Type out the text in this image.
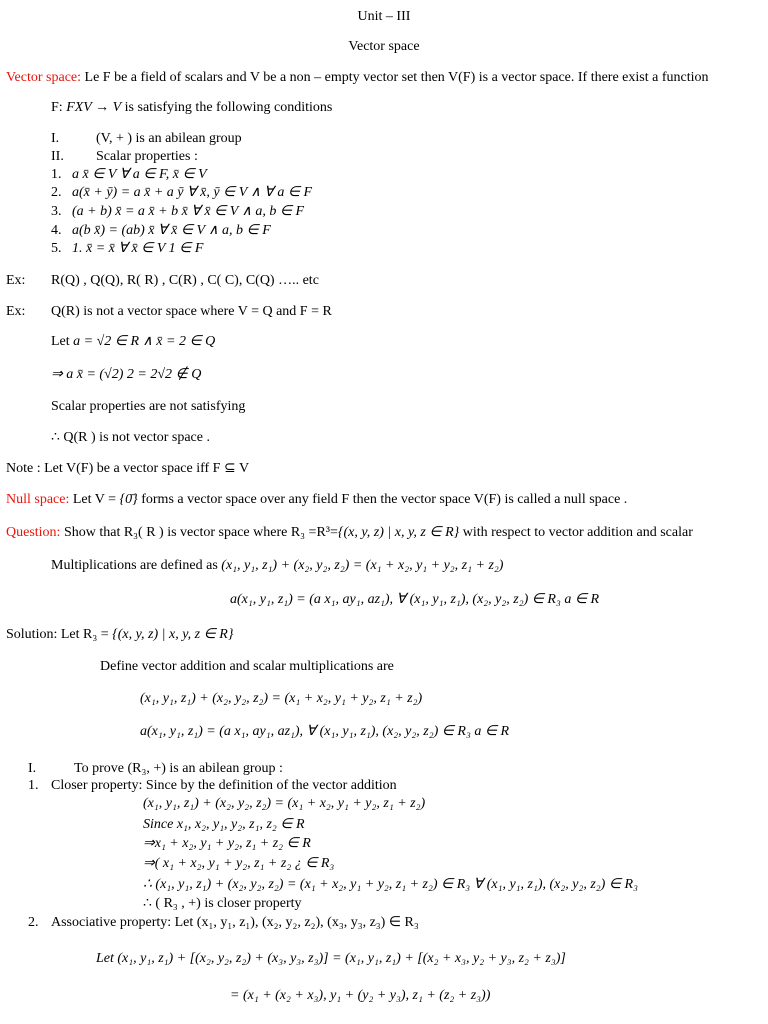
Unit – III
Vector space
Vector space: Le F be a field of scalars and V be a non – empty vector set then V(F) is a vector space. If there exist a function
F: FXV → V is satisfying the following conditions
I.	(V, + ) is an abilean group
II. Scalar properties :
1. a x̄ ∈ V ∀ a ∈ F, x̄ ∈ V
2. a(x̄ + ȳ) = a x̄ + a ȳ ∀ x̄, ȳ ∈ V ∧ ∀ a ∈ F
3. (a + b) x̄ = a x̄ + b x̄ ∀ x̄ ∈ V ∧ a, b ∈ F
4. a(b x̄) = (ab) x̄ ∀ x̄ ∈ V ∧ a, b ∈ F
5. 1. x̄ = x̄ ∀ x̄ ∈ V 1 ∈ F
Ex: R(Q) , Q(Q), R( R) , C(R) , C( C), C(Q) ….. etc
Ex: Q(R) is not a vector space where V = Q and F = R
Let a = √2 ∈ R ∧ x̄ = 2 ∈ Q
⇒ a x̄ = (√2) 2 = 2√2 ∉ Q
Scalar properties are not satisfying
∴ Q(R ) is not vector space .
Note : Let V(F) be a vector space iff F ⊆ V
Null space: Let V = {0̄} forms a vector space over any field F then the vector space V(F) is called a null space .
Question: Show that R₃( R ) is vector space where R₃ =R³={(x, y, z) | x, y, z ∈ R} with respect to vector addition and scalar
Multiplications are defined as (x₁, y₁, z₁) + (x₂, y₂, z₂) = (x₁ + x₂, y₁ + y₂, z₁ + z₂)
a(x₁, y₁, z₁) = (a x₁, ay₁, az₁), ∀ (x₁, y₁, z₁), (x₂, y₂, z₂) ∈ R₃ a ∈ R
Solution: Let R₃ = {(x, y, z) | x, y, z ∈ R}
Define vector addition and scalar multiplications are
(x₁, y₁, z₁) + (x₂, y₂, z₂) = (x₁ + x₂, y₁ + y₂, z₁ + z₂)
a(x₁, y₁, z₁) = (a x₁, ay₁, az₁), ∀ (x₁, y₁, z₁), (x₂, y₂, z₂) ∈ R₃ a ∈ R
I.	To prove (R₃, +) is an abilean group :
1. Closer property: Since by the definition of the vector addition
(x₁, y₁, z₁) + (x₂, y₂, z₂) = (x₁ + x₂, y₁ + y₂, z₁ + z₂)
Since x₁, x₂, y₁, y₂, z₁, z₂ ∈ R
⇒x₁ + x₂, y₁ + y₂, z₁ + z₂ ∈ R
⇒( x₁ + x₂, y₁ + y₂, z₁ + z₂ ¿ ∈ R₃
∴ (x₁, y₁, z₁) + (x₂, y₂, z₂) = (x₁ + x₂, y₁ + y₂, z₁ + z₂) ∈ R₃ ∀ (x₁, y₁, z₁), (x₂, y₂, z₂) ∈ R₃
∴ ( R₃ , +) is closer property
2. Associative property: Let (x₁, y₁, z₁), (x₂, y₂, z₂), (x₃, y₃, z₃) ∈ R₃
Let (x₁, y₁, z₁) + [(x₂, y₂, z₂) + (x₃, y₃, z₃)] = (x₁, y₁, z₁) + [(x₂ + x₃, y₂ + y₃, z₂ + z₃)]
= (x₁ + (x₂ + x₃), y₁ + (y₂ + y₃), z₁ + (z₂ + z₃))
